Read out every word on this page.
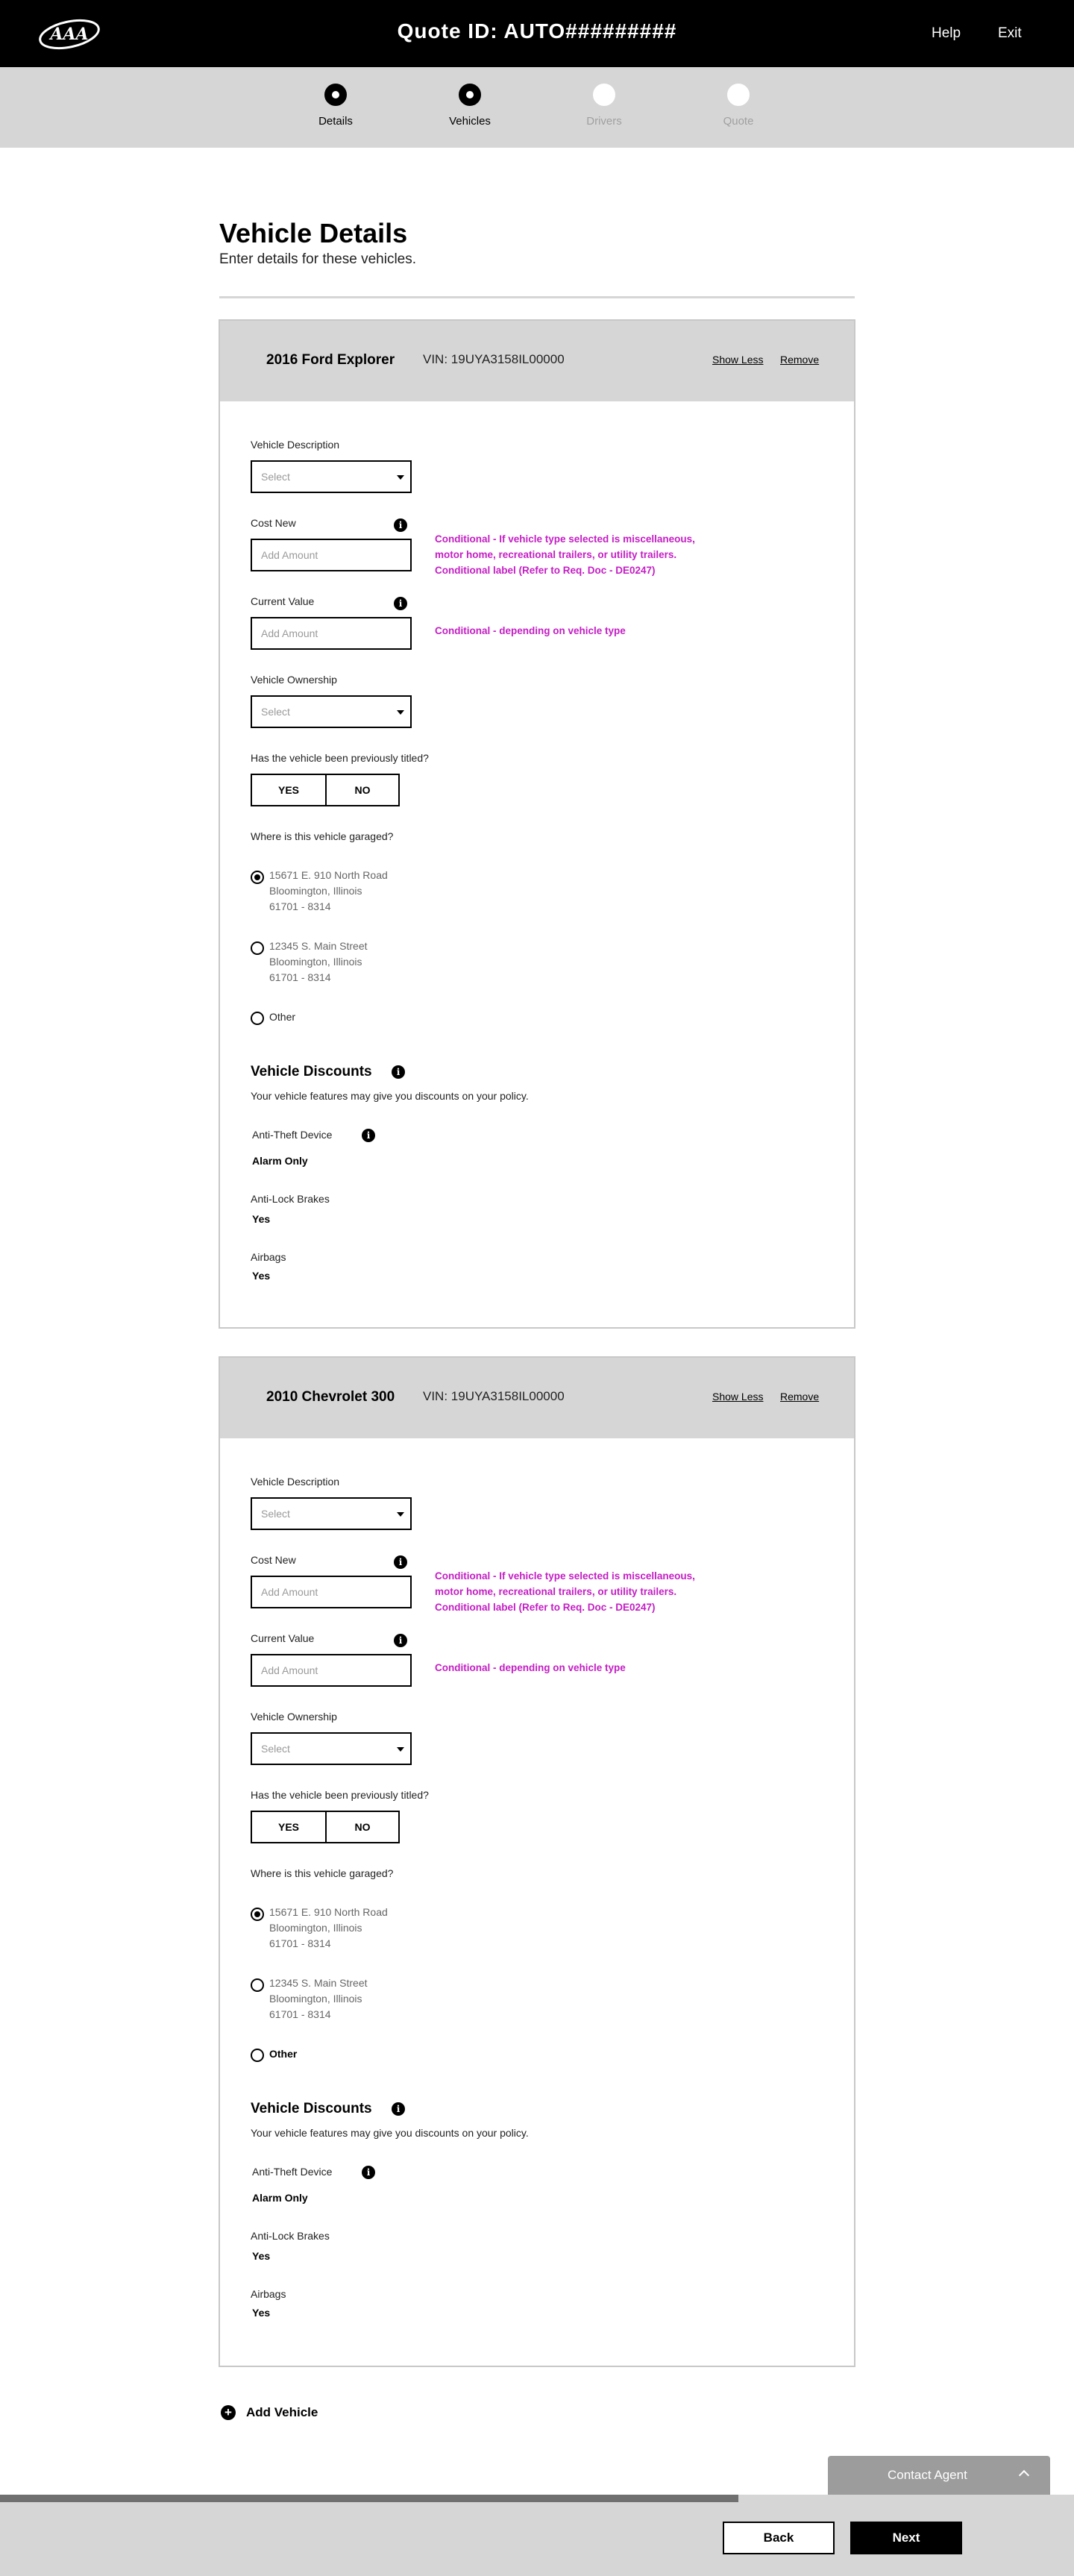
AAA	Quote ID: AUTO#########	Help	Exit
Details	Vehicles	Drivers	Quote
Vehicle Details
Enter details for these vehicles.
2016 Ford Explorer VIN: 19UYA3158IL00000	Show Less Remove
Vehicle Description
Select
Cost New	i
Add Amount
Conditional - If vehicle type selected is miscellaneous,
motor home, recreational trailers, or utility trailers.
Conditional label (Refer to Req. Doc - DE0247)
Current Value	i
Add Amount
Conditional - depending on vehicle type
Vehicle Ownership
Select
Has the vehicle been previously titled?
YES	NO
Where is this vehicle garaged?
15671 E. 910 North Road
Bloomington, Illinois
61701 - 8314
12345 S. Main Street
Bloomington, Illinois
61701 - 8314
Other
Vehicle Discounts	i
Your vehicle features may give you discounts on your policy.
Anti-Theft Device	i
Alarm Only
Anti-Lock Brakes
Yes
Airbags
Yes
2010 Chevrolet 300 VIN: 19UYA3158IL00000	Show Less Remove
Vehicle Description
Select
Cost New	i
Add Amount
Conditional - If vehicle type selected is miscellaneous,
motor home, recreational trailers, or utility trailers.
Conditional label (Refer to Req. Doc - DE0247)
Current Value	i
Add Amount
Conditional - depending on vehicle type
Vehicle Ownership
Select
Has the vehicle been previously titled?
YES	NO
Where is this vehicle garaged?
15671 E. 910 North Road
Bloomington, Illinois
61701 - 8314
12345 S. Main Street
Bloomington, Illinois
61701 - 8314
Other
Vehicle Discounts	i
Your vehicle features may give you discounts on your policy.
Anti-Theft Device	i
Alarm Only
Anti-Lock Brakes
Yes
Airbags
Yes
+ Add Vehicle
Contact Agent
Back	Next
